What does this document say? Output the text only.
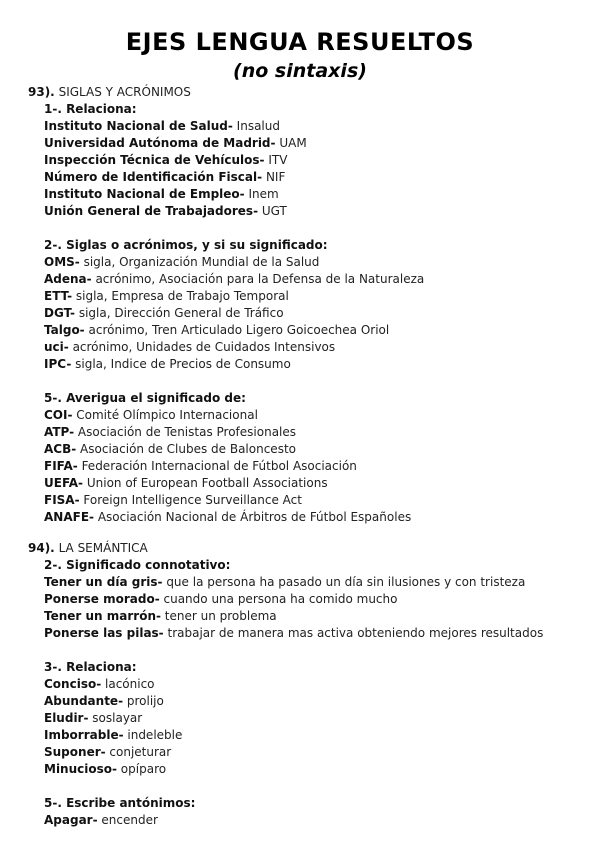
EJES LENGUA RESUELTOS
(no sintaxis)
93). SIGLAS Y ACRÓNIMOS
1-. Relaciona:
Instituto Nacional de Salud- Insalud
Universidad Autónoma de Madrid- UAM
Inspección Técnica de Vehículos- ITV
Número de Identificación Fiscal- NIF
Instituto Nacional de Empleo- Inem
Unión General de Trabajadores- UGT
2-. Siglas o acrónimos, y si su significado:
OMS- sigla, Organización Mundial de la Salud
Adena- acrónimo, Asociación para la Defensa de la Naturaleza
ETT- sigla, Empresa de Trabajo Temporal
DGT- sigla, Dirección General de Tráfico
Talgo- acrónimo, Tren Articulado Ligero Goicoechea Oriol
uci- acrónimo, Unidades de Cuidados Intensivos
IPC- sigla, Indice de Precios de Consumo
5-. Averigua el significado de:
COI- Comité Olímpico Internacional
ATP- Asociación de Tenistas Profesionales
ACB- Asociación de Clubes de Baloncesto
FIFA- Federación Internacional de Fútbol Asociación
UEFA- Union of European Football Associations
FISA- Foreign Intelligence Surveillance Act
ANAFE- Asociación Nacional de Árbitros de Fútbol Españoles
94). LA SEMÁNTICA
2-. Significado connotativo:
Tener un día gris- que la persona ha pasado un día sin ilusiones y con tristeza
Ponerse morado- cuando una persona ha comido mucho
Tener un marrón- tener un problema
Ponerse las pilas- trabajar de manera mas activa obteniendo mejores resultados
3-. Relaciona:
Conciso- lacónico
Abundante- prolijo
Eludir- soslayar
Imborrable- indeleble
Suponer- conjeturar
Minucioso- opíparo
5-. Escribe antónimos:
Apagar- encender
